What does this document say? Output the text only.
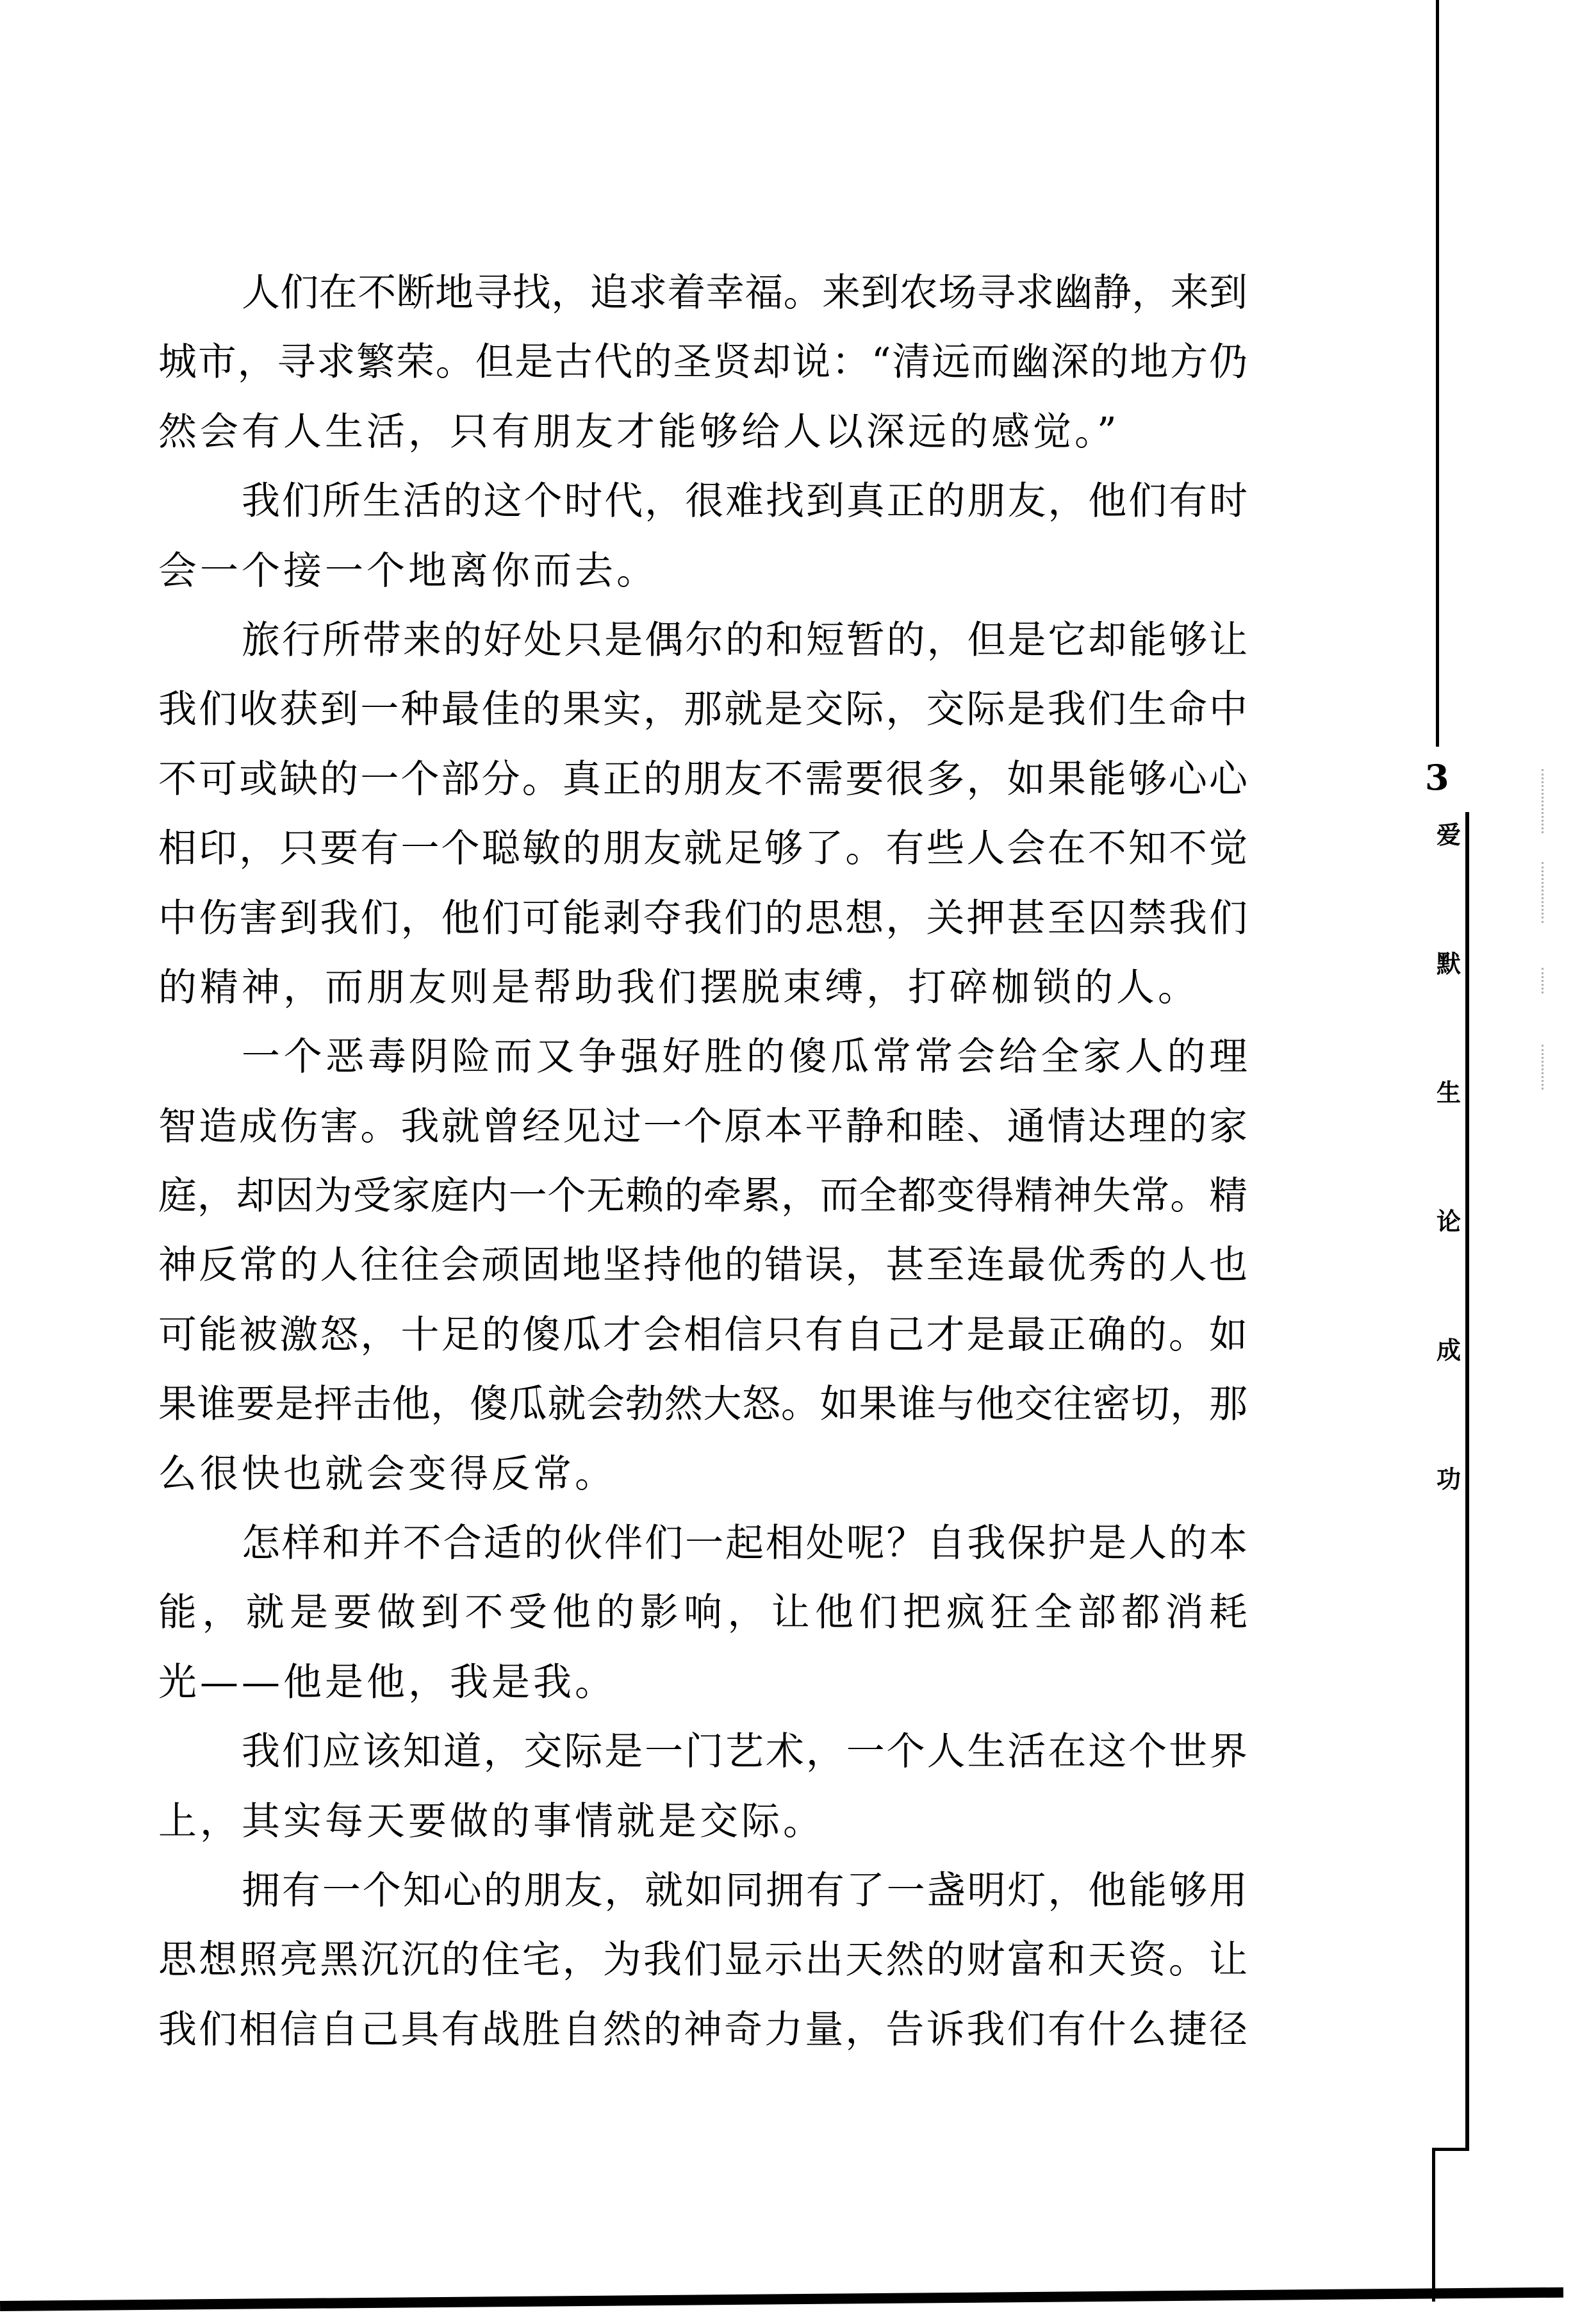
人们在不断地寻找，追求着幸福。来到农场寻求幽静，来到
城市，寻求繁荣。但是古代的圣贤却说：“清远而幽深的地方仍
然会有人生活，只有朋友才能够给人以深远的感觉。”
我们所生活的这个时代，很难找到真正的朋友，他们有时
会一个接一个地离你而去。
旅行所带来的好处只是偶尔的和短暂的，但是它却能够让
我们收获到一种最佳的果实，那就是交际，交际是我们生命中
不可或缺的一个部分。真正的朋友不需要很多，如果能够心心
相印，只要有一个聪敏的朋友就足够了。有些人会在不知不觉
中伤害到我们，他们可能剥夺我们的思想，关押甚至囚禁我们
的精神，而朋友则是帮助我们摆脱束缚，打碎枷锁的人。
一个恶毒阴险而又争强好胜的傻瓜常常会给全家人的理
智造成伤害。我就曾经见过一个原本平静和睦、通情达理的家
庭，却因为受家庭内一个无赖的牵累，而全都变得精神失常。精
神反常的人往往会顽固地坚持他的错误，甚至连最优秀的人也
可能被激怒，十足的傻瓜才会相信只有自己才是最正确的。如
果谁要是抨击他，傻瓜就会勃然大怒。如果谁与他交往密切，那
么很快也就会变得反常。
怎样和并不合适的伙伴们一起相处呢？自我保护是人的本
能，就是要做到不受他的影响，让他们把疯狂全部都消耗
光——他是他，我是我。
我们应该知道，交际是一门艺术，一个人生活在这个世界
上，其实每天要做的事情就是交际。
拥有一个知心的朋友，就如同拥有了一盏明灯，他能够用
思想照亮黑沉沉的住宅，为我们显示出天然的财富和天资。让
我们相信自己具有战胜自然的神奇力量，告诉我们有什么捷径
3
爱
默
生
论
成
功
